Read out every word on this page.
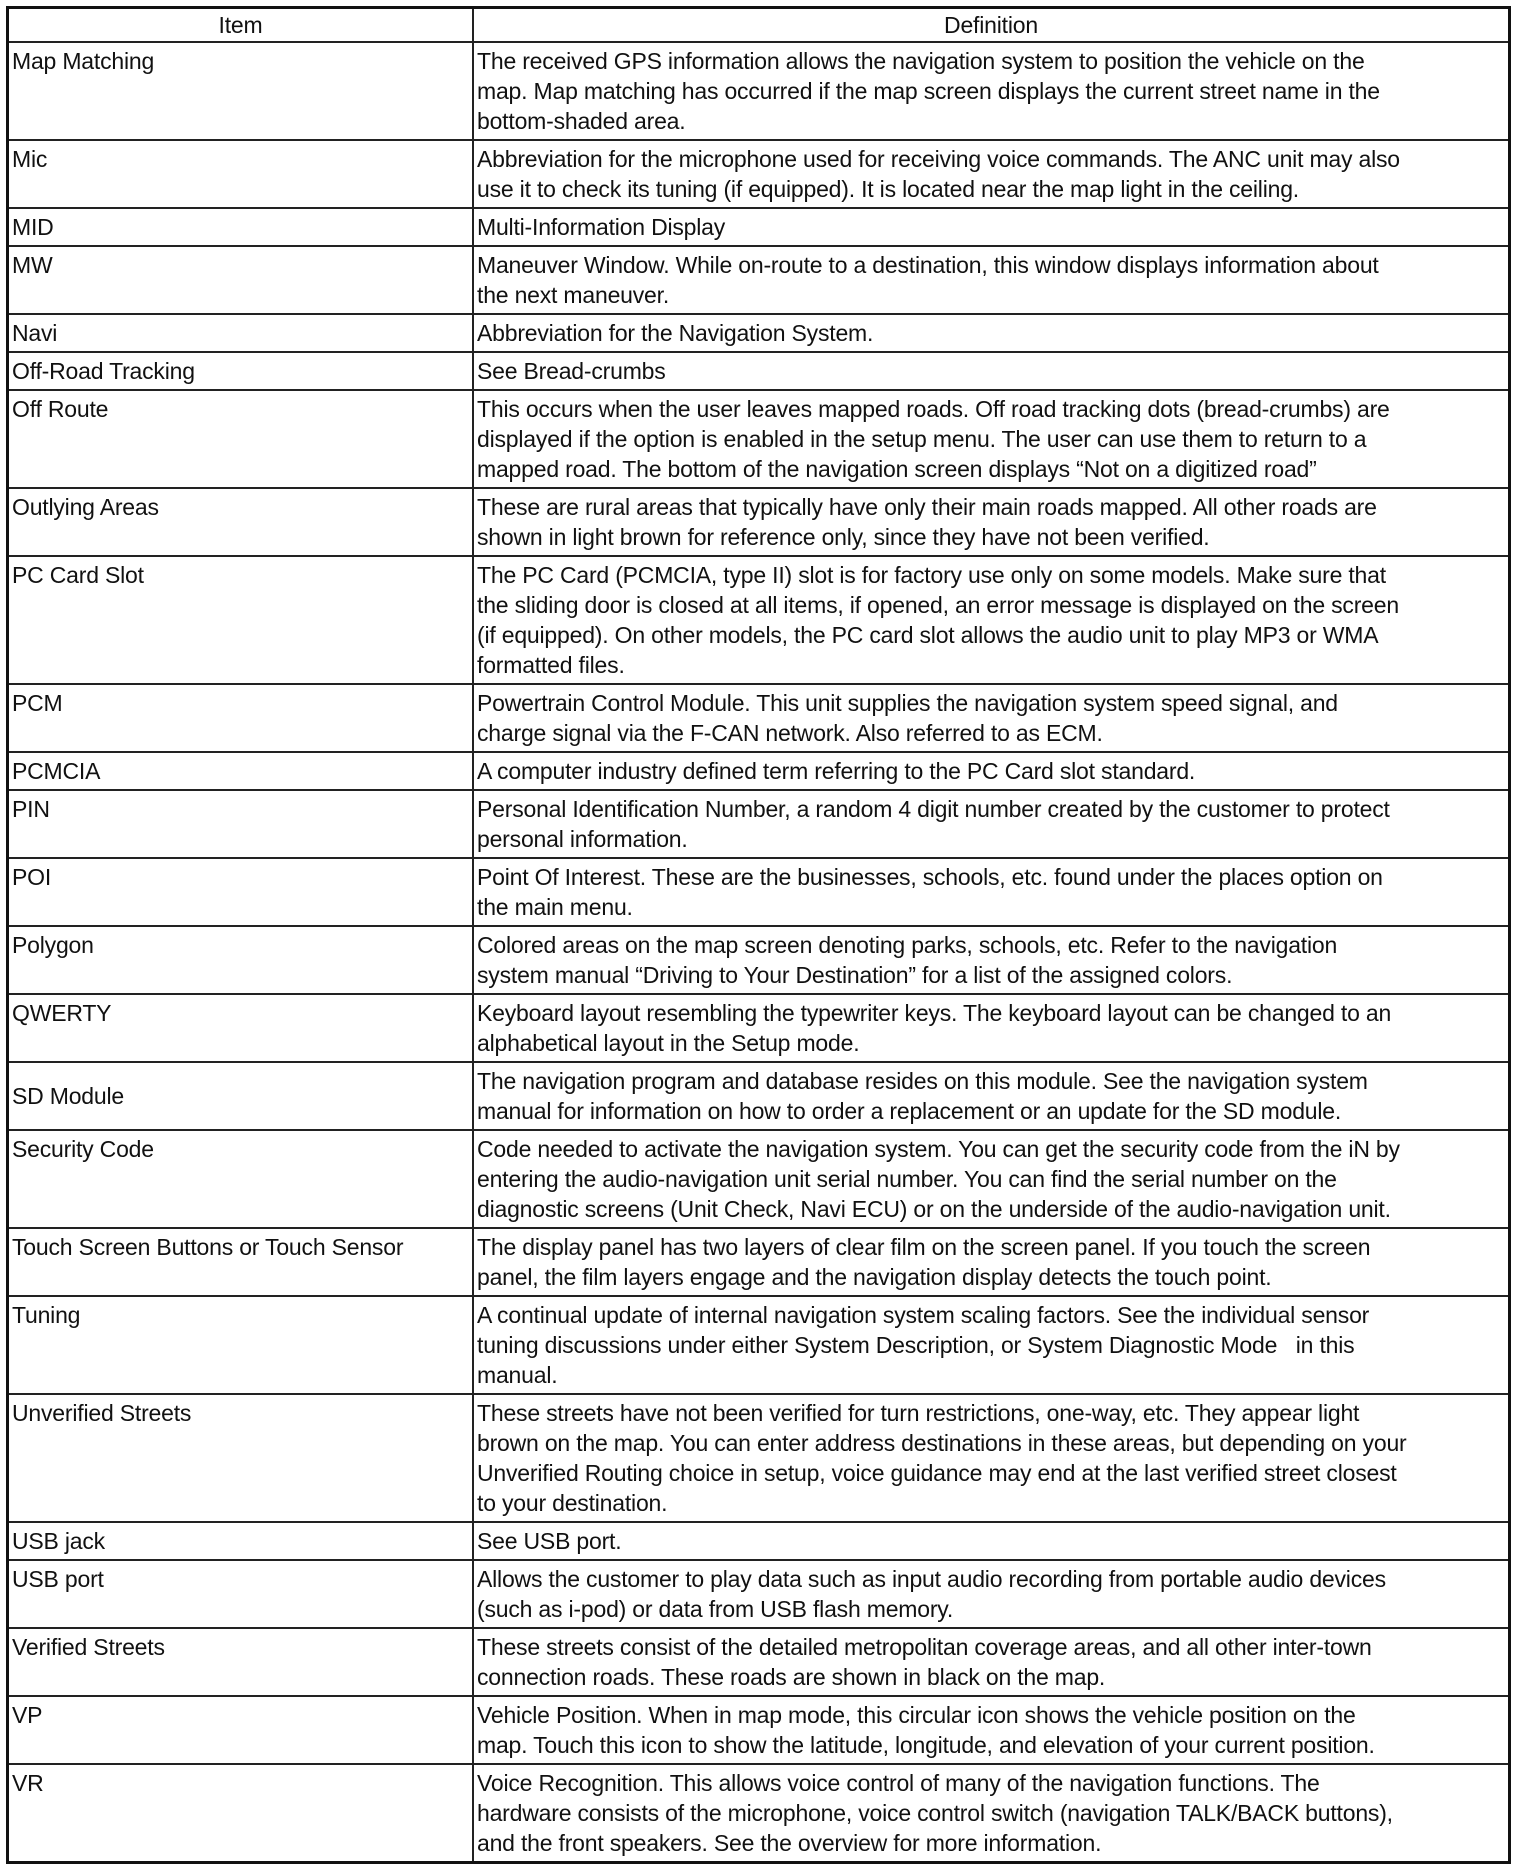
Item	Definition
Map Matching	The received GPS information allows the navigation system to position the vehicle on the
map. Map matching has occurred if the map screen displays the current street name in the
bottom-shaded area.

Mic	Abbreviation for the microphone used for receiving voice commands. The ANC unit may also
use it to check its tuning (if equipped). It is located near the map light in the ceiling.

MID	Multi-Information Display

MW	Maneuver Window. While on-route to a destination, this window displays information about
the next maneuver.

Navi	Abbreviation for the Navigation System.

Off-Road Tracking	See Bread-crumbs

Off Route	This occurs when the user leaves mapped roads. Off road tracking dots (bread-crumbs) are
displayed if the option is enabled in the setup menu. The user can use them to return to a
mapped road. The bottom of the navigation screen displays “Not on a digitized road”

Outlying Areas	These are rural areas that typically have only their main roads mapped. All other roads are
shown in light brown for reference only, since they have not been verified.

PC Card Slot	The PC Card (PCMCIA, type II) slot is for factory use only on some models. Make sure that
the sliding door is closed at all items, if opened, an error message is displayed on the screen
(if equipped). On other models, the PC card slot allows the audio unit to play MP3 or WMA
formatted files.

PCM	Powertrain Control Module. This unit supplies the navigation system speed signal, and
charge signal via the F-CAN network. Also referred to as ECM.

PCMCIA	A computer industry defined term referring to the PC Card slot standard.

PIN	Personal Identification Number, a random 4 digit number created by the customer to protect
personal information.

POI	Point Of Interest. These are the businesses, schools, etc. found under the places option on
the main menu.

Polygon	Colored areas on the map screen denoting parks, schools, etc. Refer to the navigation
system manual “Driving to Your Destination” for a list of the assigned colors.

QWERTY	Keyboard layout resembling the typewriter keys. The keyboard layout can be changed to an
alphabetical layout in the Setup mode.

SD Module	The navigation program and database resides on this module. See the navigation system
manual for information on how to order a replacement or an update for the SD module.

Security Code	Code needed to activate the navigation system. You can get the security code from the iN by
entering the audio-navigation unit serial number. You can find the serial number on the
diagnostic screens (Unit Check, Navi ECU) or on the underside of the audio-navigation unit.

Touch Screen Buttons or Touch Sensor	The display panel has two layers of clear film on the screen panel. If you touch the screen
panel, the film layers engage and the navigation display detects the touch point.

Tuning	A continual update of internal navigation system scaling factors. See the individual sensor
tuning discussions under either System Description, or System Diagnostic Mode   in this
manual.

Unverified Streets	These streets have not been verified for turn restrictions, one-way, etc. They appear light
brown on the map. You can enter address destinations in these areas, but depending on your
Unverified Routing choice in setup, voice guidance may end at the last verified street closest
to your destination.

USB jack	See USB port.

USB port	Allows the customer to play data such as input audio recording from portable audio devices
(such as i-pod) or data from USB flash memory.

Verified Streets	These streets consist of the detailed metropolitan coverage areas, and all other inter-town
connection roads. These roads are shown in black on the map.

VP	Vehicle Position. When in map mode, this circular icon shows the vehicle position on the
map. Touch this icon to show the latitude, longitude, and elevation of your current position.

VR	Voice Recognition. This allows voice control of many of the navigation functions. The
hardware consists of the microphone, voice control switch (navigation TALK/BACK buttons),
and the front speakers. See the overview for more information.
